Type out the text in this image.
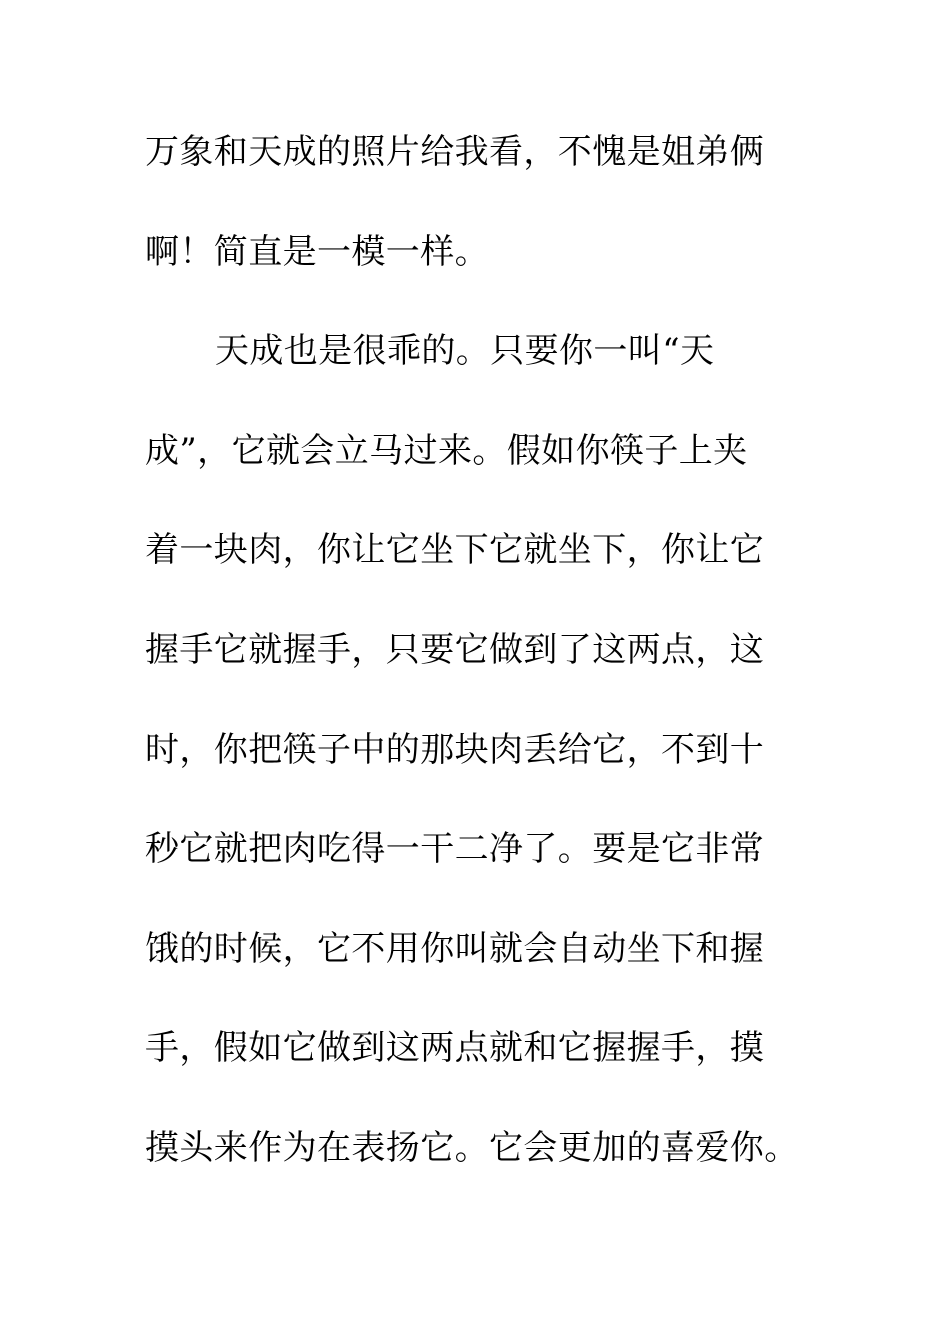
万象和天成的照片给我看，不愧是姐弟俩
啊！简直是一模一样。
天成也是很乖的。只要你一叫“天
成”，它就会立马过来。假如你筷子上夹
着一块肉，你让它坐下它就坐下，你让它
握手它就握手，只要它做到了这两点，这
时，你把筷子中的那块肉丢给它，不到十
秒它就把肉吃得一干二净了。要是它非常
饿的时候，它不用你叫就会自动坐下和握
手，假如它做到这两点就和它握握手，摸
摸头来作为在表扬它。它会更加的喜爱你。
